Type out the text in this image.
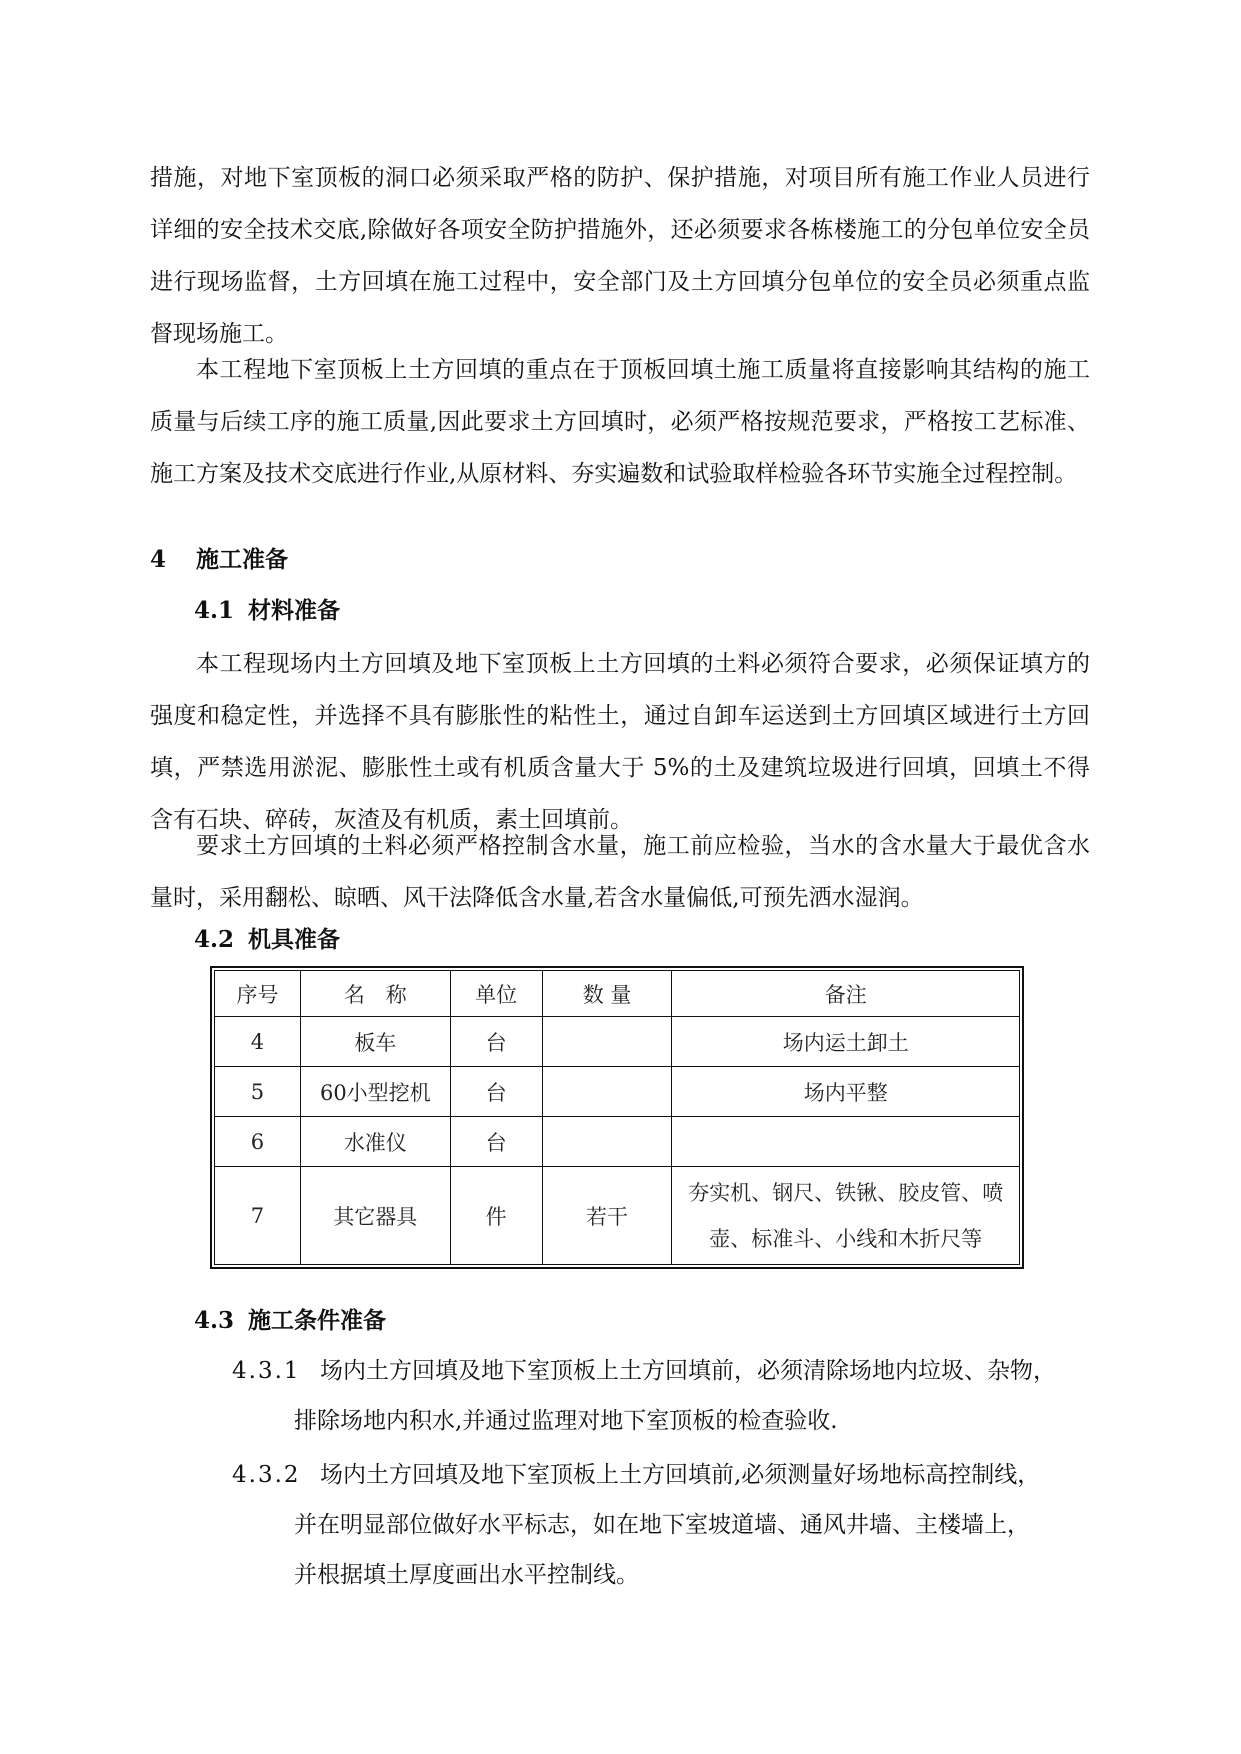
措施，对地下室顶板的洞口必须采取严格的防护、保护措施，对项目所有施工作业人员进行详细的安全技术交底,除做好各项安全防护措施外，还必须要求各栋楼施工的分包单位安全员进行现场监督，土方回填在施工过程中，安全部门及土方回填分包单位的安全员必须重点监督现场施工。

本工程地下室顶板上土方回填的重点在于顶板回填土施工质量将直接影响其结构的施工质量与后续工序的施工质量,因此要求土方回填时，必须严格按规范要求，严格按工艺标准、施工方案及技术交底进行作业,从原材料、夯实遍数和试验取样检验各环节实施全过程控制。

4 施工准备
4.1 材料准备

本工程现场内土方回填及地下室顶板上土方回填的土料必须符合要求，必须保证填方的强度和稳定性，并选择不具有膨胀性的粘性土，通过自卸车运送到土方回填区域进行土方回填，严禁选用淤泥、膨胀性土或有机质含量大于 5%的土及建筑垃圾进行回填，回填土不得含有石块、碎砖，灰渣及有机质，素土回填前。

要求土方回填的土料必须严格控制含水量，施工前应检验，当水的含水量大于最优含水量时，采用翻松、晾晒、风干法降低含水量,若含水量偏低,可预先洒水湿润。

4.2 机具准备
序号	名　称	单位	数 量	备注
4	板车	台		场内运土卸土
5	60小型挖机	台		场内平整
6	水准仪	台		
7	其它器具	件	若干	夯实机、钢尺、铁锹、胶皮管、喷
壶、标准斗、小线和木折尺等
4.3 施工条件准备
4.3.1 场内土方回填及地下室顶板上土方回填前，必须清除场地内垃圾、杂物，
排除场地内积水,并通过监理对地下室顶板的检查验收.
4.3.2 场内土方回填及地下室顶板上土方回填前,必须测量好场地标高控制线，
并在明显部位做好水平标志，如在地下室坡道墙、通风井墙、主楼墙上，
并根据填土厚度画出水平控制线。
